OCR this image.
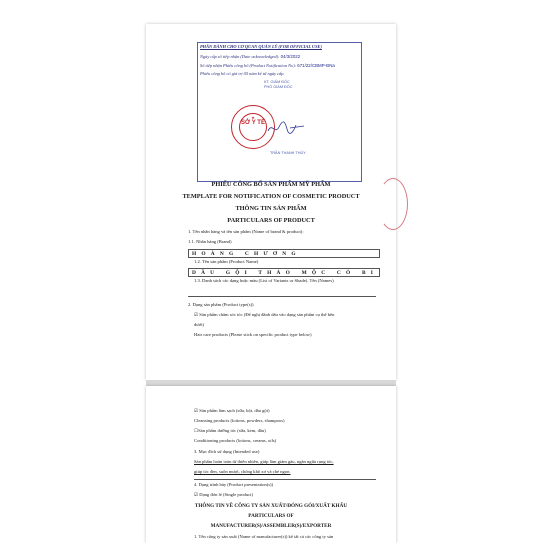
PHẦN DÀNH CHO CƠ QUAN QUẢN LÝ (FOR OFFICIAL USE)
Ngày cấp số tiếp nhận (Date acknowledged): 04/3/2022
Số tiếp nhận Phiếu công bố (Product Notification No): 671/22/CBMP-ĐNa
Phiếu công bố có giá trị 05 năm kể từ ngày cấp.
KT. GIÁM ĐỐC
PHÓ GIÁM ĐỐC
★
SỞ Y TẾ
TRẦN THANH THỦY
PHIẾU CÔNG BỐ SẢN PHẨM MỸ PHẨM
TEMPLATE FOR NOTIFICATION OF COSMETIC PRODUCT
THÔNG TIN SẢN PHẨM
PARTICULARS OF PRODUCT
1. Tên nhãn hàng và tên sản phẩm (Name of brand & product):
1.1. Nhãn hàng (Brand)
HOÀNG CHƯƠNG
1.2. Tên sản phẩm (Product Name)
DẦU GỘI THẢO MỘC CỎ BI
1.3. Danh sách các dạng hoặc màu (List of Variants or Shade). Tên (Names)
2. Dạng sản phẩm (Product type(s))
☑ Sản phẩm chăm sóc tóc (Để nghị đánh dấu vào dạng sản phẩm cụ thể bên
dưới)
Hair care products (Please stick on specific product type below)
☑ Sản phẩm làm sạch (sữa, bột, dầu gội)
Cleansing products (lotions, powders, shampoos)
☐Sản phẩm dưỡng tóc (sữa, kem, dầu)
Conditioning products (lotions, creams, oils)
3. Mục đích sử dụng (Intended use)
Sản phẩm hoàn toàn từ thiên nhiên, giúp làm giảm gàu, ngăn ngừa rụng tóc,
giúp tóc đen, suôn mượt, chống khô xơ và chẻ ngọn.
4. Dạng trình bày (Product presentation(s))
☑ Dạng đơn lẻ (Single product)
THÔNG TIN VỀ CÔNG TY SẢN XUẤT/ĐÓNG GÓI/XUẤT KHẨU
PARTICULARS OF
MANUFACTURER(S)/ASSEMBLER(S)/EXPORTER
1. Tên công ty sản xuất (Name of manufacturer(s)) kể tất cả các công ty sản
